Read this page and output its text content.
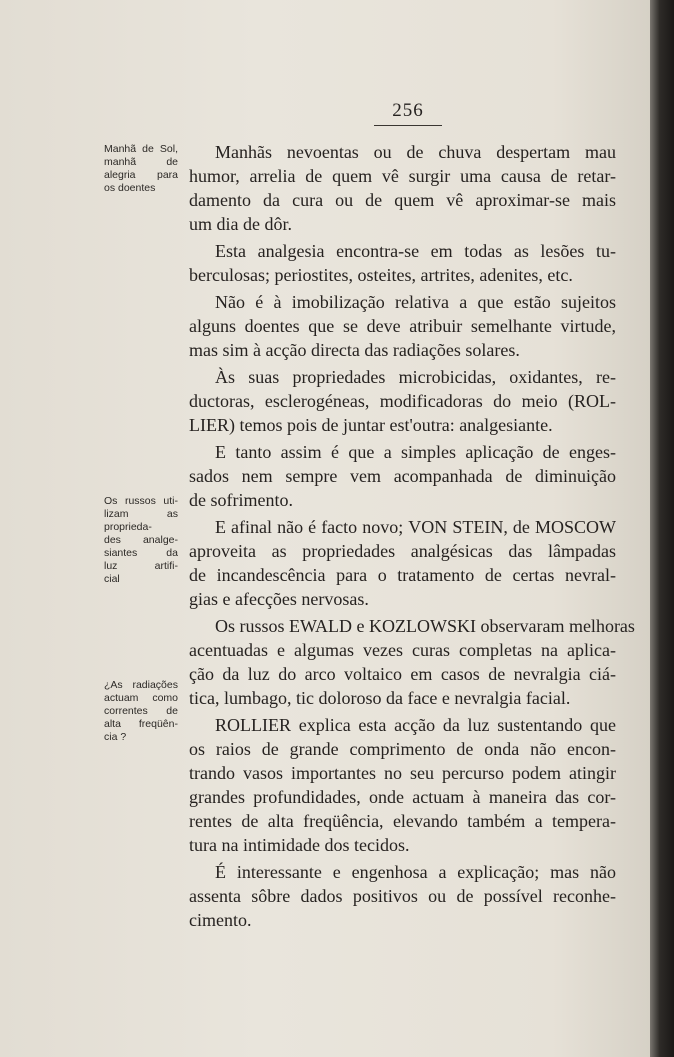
256
Manhã de Sol,
manhã de
alegria para
os doentes
Os russos uti-
lizam as
proprieda-
des analge-
siantes da
luz artifi-
cial
¿As radiações
actuam como
correntes de
alta freqüên-
cia ?
Manhãs nevoentas ou de chuva despertam mau
humor, arrelia de quem vê surgir uma causa de retar-
damento da cura ou de quem vê aproximar-se mais
um dia de dôr.
Esta analgesia encontra-se em todas as lesões tu-
berculosas; periostites, osteites, artrites, adenites, etc.
Não é à imobilização relativa a que estão sujeitos
alguns doentes que se deve atribuir semelhante virtude,
mas sim à acção directa das radiações solares.
Às suas propriedades microbicidas, oxidantes, re-
ductoras, esclerogéneas, modificadoras do meio (ROL-
LIER) temos pois de juntar est'outra: analgesiante.
E tanto assim é que a simples aplicação de enges-
sados nem sempre vem acompanhada de diminuição
de sofrimento.
E afinal não é facto novo; VON STEIN, de MOSCOW
aproveita as propriedades analgésicas das lâmpadas
de incandescência para o tratamento de certas nevral-
gias e afecções nervosas.
Os russos EWALD e KOZLOWSKI observaram melhoras
acentuadas e algumas vezes curas completas na aplica-
ção da luz do arco voltaico em casos de nevralgia ciá-
tica, lumbago, tic doloroso da face e nevralgia facial.
ROLLIER explica esta acção da luz sustentando que
os raios de grande comprimento de onda não encon-
trando vasos importantes no seu percurso podem atingir
grandes profundidades, onde actuam à maneira das cor-
rentes de alta freqüência, elevando também a tempera-
tura na intimidade dos tecidos.
É interessante e engenhosa a explicação; mas não
assenta sôbre dados positivos ou de possível reconhe-
cimento.
